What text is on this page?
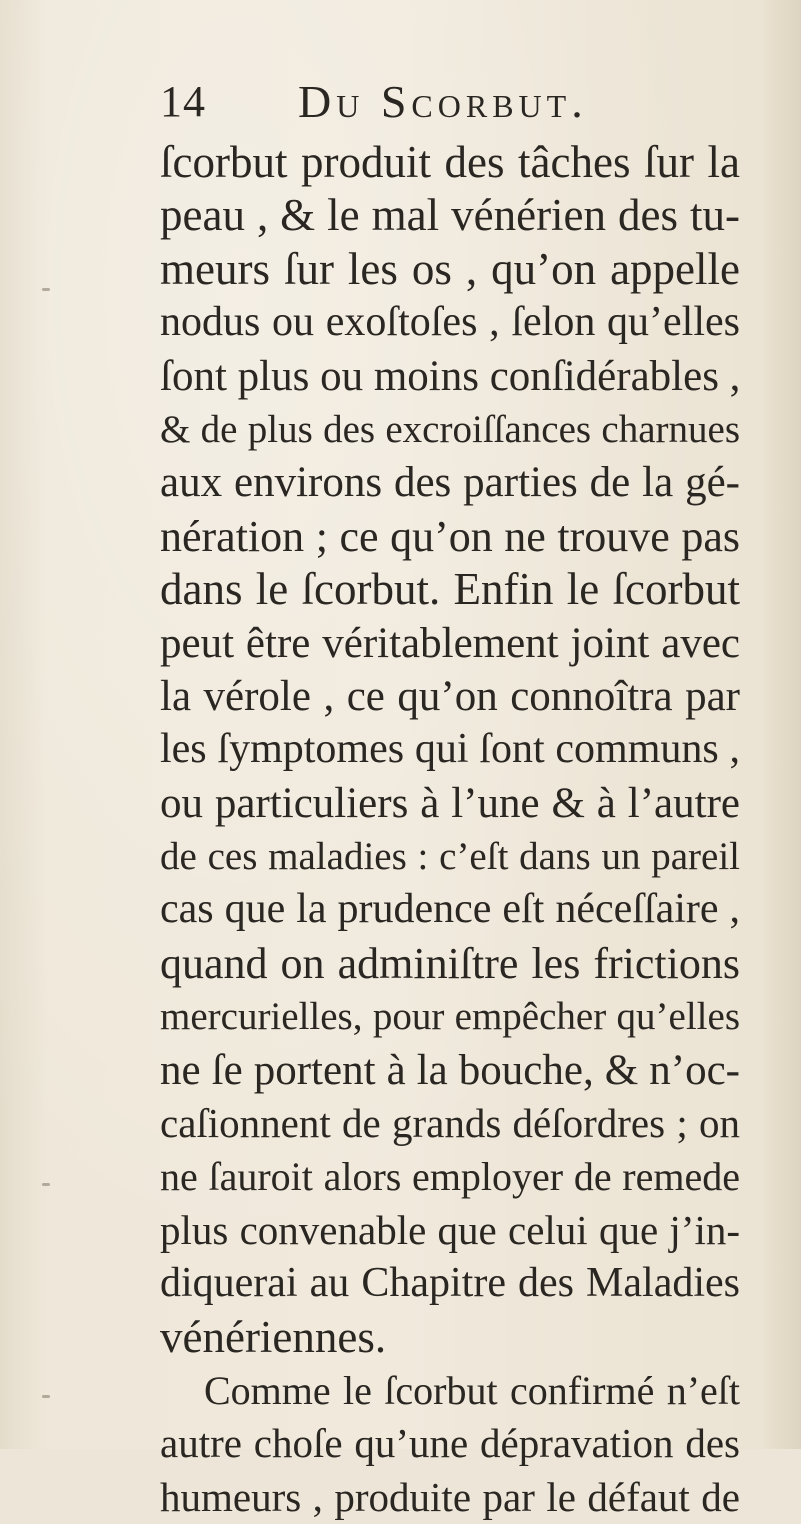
14 Du Scorbut.
ſcorbut produit des tâches ſur la
peau , & le mal vénérien des tu-
meurs ſur les os , qu’on appelle
nodus ou exoſtoſes , ſelon qu’elles
ſont plus ou moins conſidérables ,
& de plus des excroiſſances charnues
aux environs des parties de la gé-
nération ; ce qu’on ne trouve pas
dans le ſcorbut. Enfin le ſcorbut
peut être véritablement joint avec
la vérole , ce qu’on connoîtra par
les ſymptomes qui ſont communs ,
ou particuliers à l’une & à l’autre
de ces maladies : c’eſt dans un pareil
cas que la prudence eſt néceſſaire ,
quand on adminiſtre les frictions
mercurielles, pour empêcher qu’elles
ne ſe portent à la bouche, & n’oc-
caſionnent de grands déſordres ; on
ne ſauroit alors employer de remede
plus convenable que celui que j’in-
diquerai au Chapitre des Maladies
vénériennes.
Comme le ſcorbut confirmé n’eſt
autre choſe qu’une dépravation des
humeurs , produite par le défaut de
